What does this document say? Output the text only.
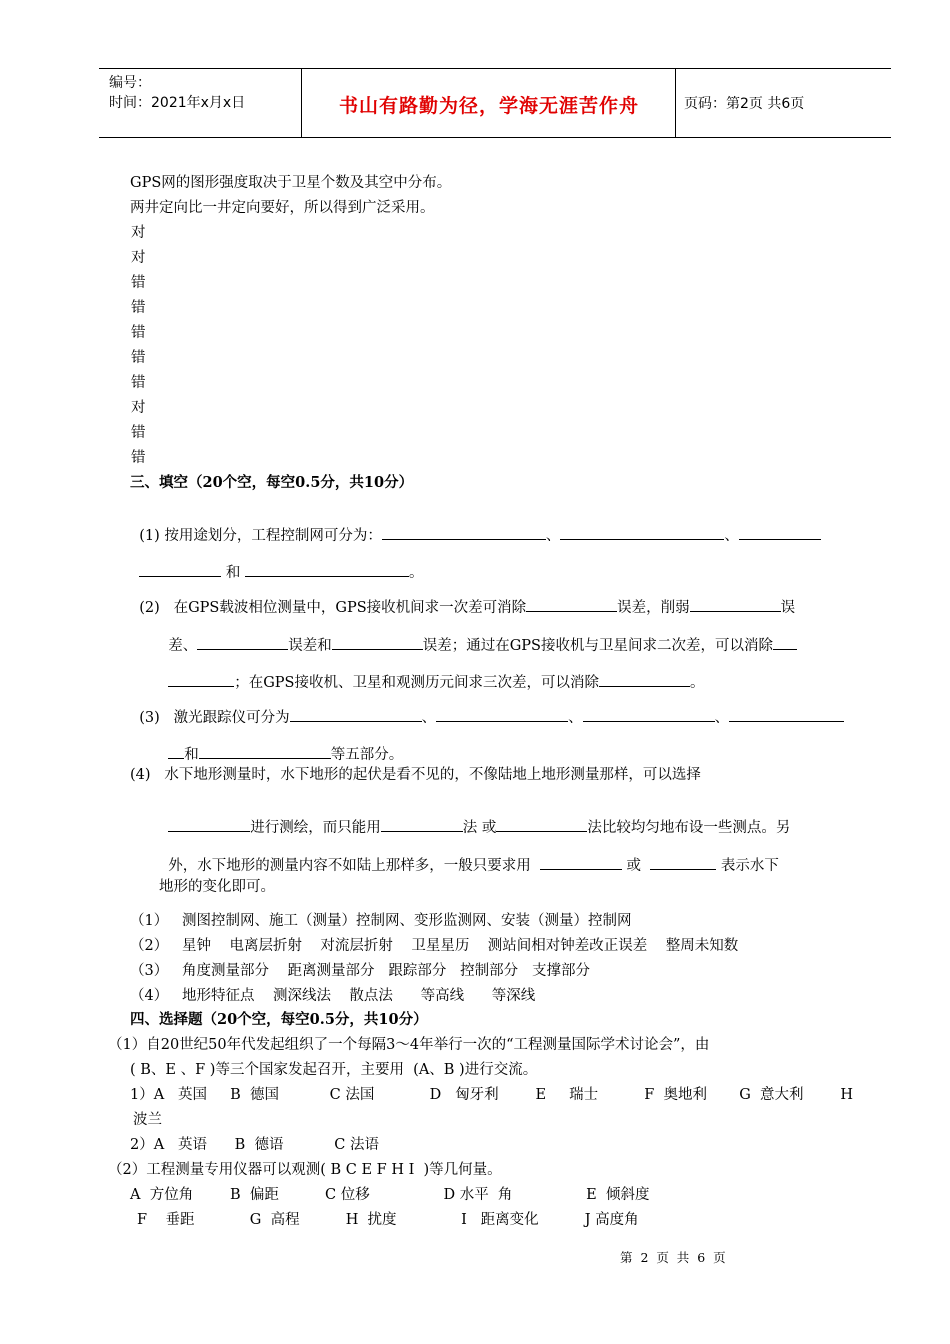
编号：
时间：2021年x月x日	书山有路勤为径，学海无涯苦作舟	页码：第2页 共6页
GPS网的图形强度取决于卫星个数及其空中分布。
两井定向比一井定向要好，所以得到广泛采用。
对
对
错
错
错
错
错
对
错
错
三、填空（20个空，每空0.5分，共10分）

(1) 按用途划分，工程控制网可分为：	、	、

和	。

(2)   在GPS载波相位测量中，GPS接收机间求一次差可消除	误差，削弱	误

差、	误差和	误差；通过在GPS接收机与卫星间求二次差，可以消除

；在GPS接收机、卫星和观测历元间求三次差，可以消除	。

(3)   激光跟踪仪可分为	、	、	、

和	等五部分。

(4)   水下地形测量时，水下地形的起伏是看不见的，不像陆地上地形测量那样，可以选择

进行测绘，而只能用	法 或	法比较均匀地布设一些测点。另

外，水下地形的测量内容不如陆上那样多，一般只要求用	或	表示水下

地形的变化即可。
（1）   测图控制网、施工（测量）控制网、变形监测网、安装（测量）控制网
（2）   星钟    电离层折射    对流层折射    卫星星历    测站间相对钟差改正误差    整周未知数
（3）   角度测量部分    距离测量部分   跟踪部分   控制部分   支撑部分
（4）   地形特征点    测深线法    散点法      等高线      等深线
四、选择题（20个空，每空0.5分，共10分）
（1）自20世纪50年代发起组织了一个每隔3～4年举行一次的“工程测量国际学术讨论会”，由
( B、E 、F )等三个国家发起召开，主要用  (A、B )进行交流。
1）A   英国     B  德国           C 法国            D   匈牙利        E     瑞士          F  奥地利       G  意大利        H
波兰
2）A   英语      B  德语           C 法语
（2）工程测量专用仪器可以观测( B C E F H I  )等几何量。
A  方位角        B  偏距          C 位移                D 水平  角                E  倾斜度
F    垂距            G  高程          H  扰度              I   距离变化          J 高度角
第  2  页  共  6  页
